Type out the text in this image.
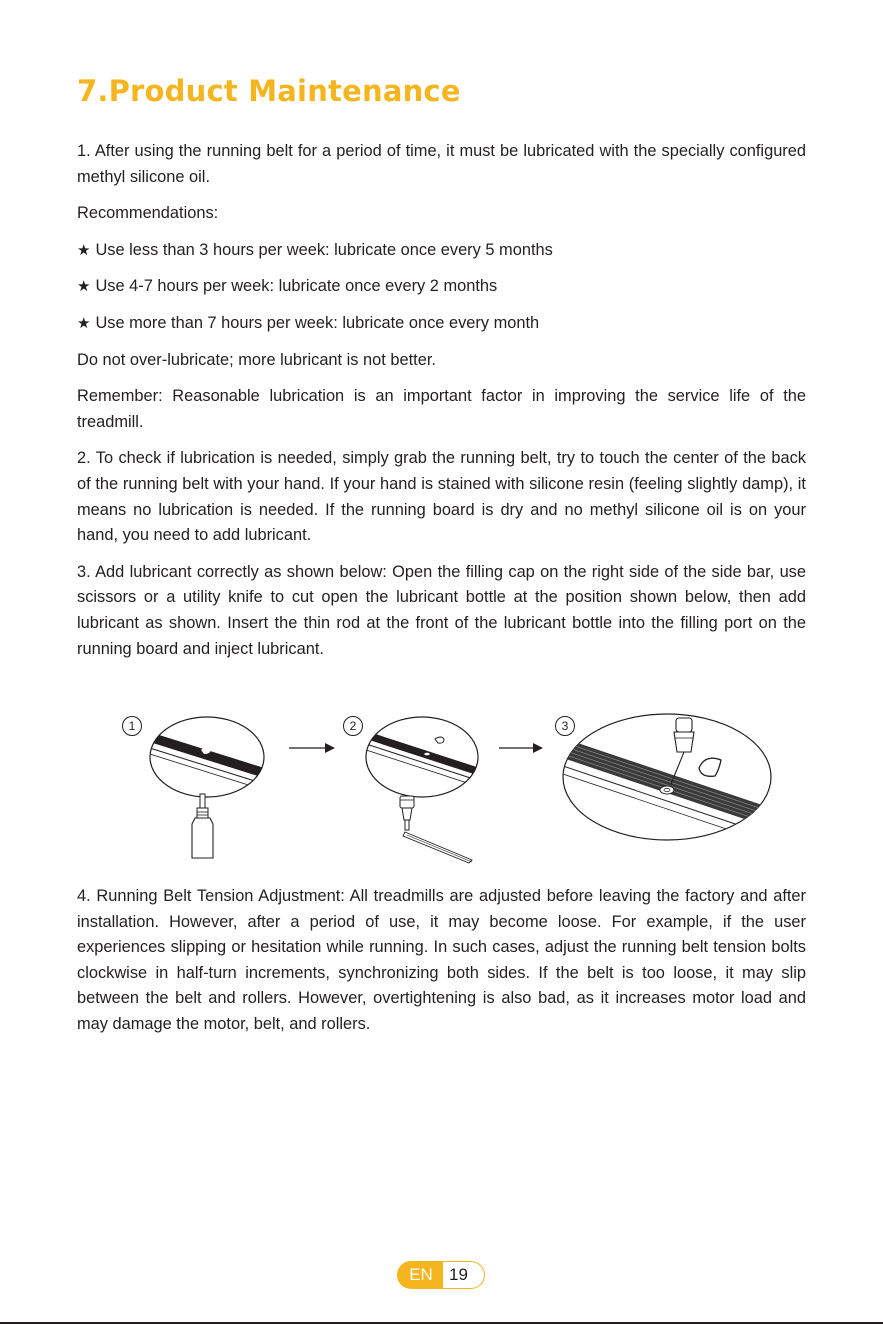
7.Product Maintenance

1. After using the running belt for a period of time, it must be lubricated with the specially configured methyl silicone oil.

Recommendations:

★ Use less than 3 hours per week: lubricate once every 5 months

★ Use 4-7 hours per week: lubricate once every 2 months

★ Use more than 7 hours per week: lubricate once every month

Do not over-lubricate; more lubricant is not better.

Remember: Reasonable lubrication is an important factor in improving the service life of the treadmill.

2. To check if lubrication is needed, simply grab the running belt, try to touch the center of the back of the running belt with your hand. If your hand is stained with silicone resin (feeling slightly damp), it means no lubrication is needed. If the running board is dry and no methyl silicone oil is on your hand, you need to add lubricant.

3. Add lubricant correctly as shown below: Open the filling cap on the right side of the side bar, use scissors or a utility knife to cut open the lubricant bottle at the position shown below, then add lubricant as shown. Insert the thin rod at the front of the lubricant bottle into the filling port on the running board and inject lubricant.

1	2	3

4. Running Belt Tension Adjustment: All treadmills are adjusted before leaving the factory and after installation. However, after a period of use, it may become loose. For example, if the user experiences slipping or hesitation while running. In such cases, adjust the running belt tension bolts clockwise in half-turn increments, synchronizing both sides. If the belt is too loose, it may slip between the belt and rollers. However, overtightening is also bad, as it increases motor load and may damage the motor, belt, and rollers.

EN 19
